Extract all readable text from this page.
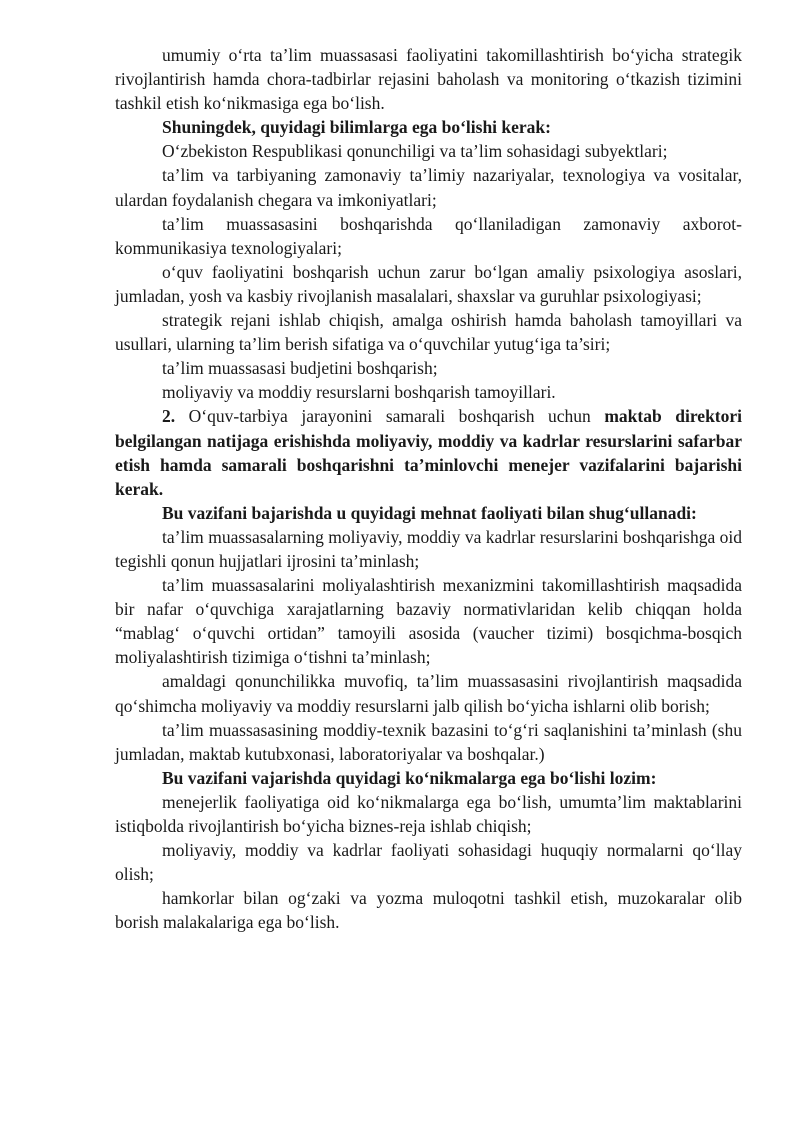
umumiy o‘rta ta’lim muassasasi faoliyatini takomillashtirish bo‘yicha strategik rivojlantirish hamda chora-tadbirlar rejasini baholash va monitoring o‘tkazish tizimini tashkil etish ko‘nikmasiga ega bo‘lish.

Shuningdek, quyidagi bilimlarga ega bo‘lishi kerak:

O‘zbekiston Respublikasi qonunchiligi va ta’lim sohasidagi subyektlari;

ta’lim va tarbiyaning zamonaviy ta’limiy nazariyalar, texnologiya va vositalar, ulardan foydalanish chegara va imkoniyatlari;

ta’lim muassasasini boshqarishda qo‘llaniladigan zamonaviy axborot-kommunikasiya texnologiyalari;

o‘quv faoliyatini boshqarish uchun zarur bo‘lgan amaliy psixologiya asoslari, jumladan, yosh va kasbiy rivojlanish masalalari, shaxslar va guruhlar psixologiyasi;

strategik rejani ishlab chiqish, amalga oshirish hamda baholash tamoyillari va usullari, ularning ta’lim berish sifatiga va o‘quvchilar yutug‘iga ta’siri;

ta’lim muassasasi budjetini boshqarish;

moliyaviy va moddiy resurslarni boshqarish tamoyillari.

2. O‘quv-tarbiya jarayonini samarali boshqarish uchun maktab direktori belgilangan natijaga erishishda moliyaviy, moddiy va kadrlar resurslarini safarbar etish hamda samarali boshqarishni ta’minlovchi menejer vazifalarini bajarishi kerak.

Bu vazifani bajarishda u quyidagi mehnat faoliyati bilan shug‘ullanadi:

ta’lim muassasalarning moliyaviy, moddiy va kadrlar resurslarini boshqarishga oid tegishli qonun hujjatlari ijrosini ta’minlash;

ta’lim muassasalarini moliyalashtirish mexanizmini takomillashtirish maqsadida bir nafar o‘quvchiga xarajatlarning bazaviy normativlaridan kelib chiqqan holda “mablag‘ o‘quvchi ortidan” tamoyili asosida (vaucher tizimi) bosqichma-bosqich moliyalashtirish tizimiga o‘tishni ta’minlash;

amaldagi qonunchilikka muvofiq, ta’lim muassasasini rivojlantirish maqsadida qo‘shimcha moliyaviy va moddiy resurslarni jalb qilish bo‘yicha ishlarni olib borish;

ta’lim muassasasining moddiy-texnik bazasini to‘g‘ri saqlanishini ta’minlash (shu jumladan, maktab kutubxonasi, laboratoriyalar va boshqalar.)

Bu vazifani vajarishda quyidagi ko‘nikmalarga ega bo‘lishi lozim:

menejerlik faoliyatiga oid ko‘nikmalarga ega bo‘lish, umumta’lim maktablarini istiqbolda rivojlantirish bo‘yicha biznes-reja ishlab chiqish;

moliyaviy, moddiy va kadrlar faoliyati sohasidagi huquqiy normalarni qo‘llay olish;

hamkorlar bilan og‘zaki va yozma muloqotni tashkil etish, muzokaralar olib borish malakalariga ega bo‘lish.
